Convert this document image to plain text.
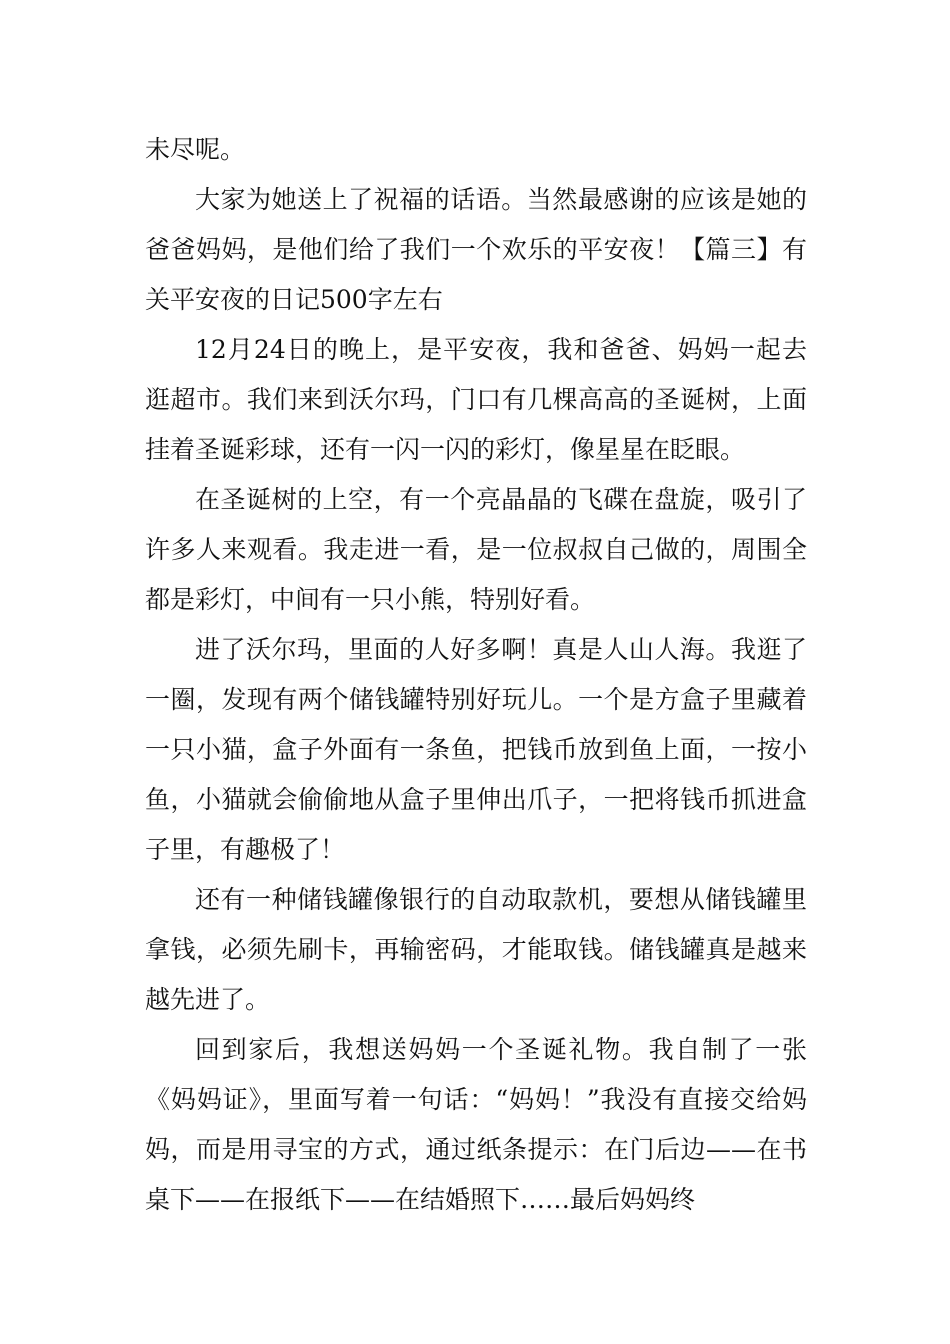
未尽呢。

大家为她送上了祝福的话语。当然最感谢的应该是她的爸爸妈妈，是他们给了我们一个欢乐的平安夜！【篇三】有关平安夜的日记500字左右

12月24日的晚上，是平安夜，我和爸爸、妈妈一起去逛超市。我们来到沃尔玛，门口有几棵高高的圣诞树，上面挂着圣诞彩球，还有一闪一闪的彩灯，像星星在眨眼。

在圣诞树的上空，有一个亮晶晶的飞碟在盘旋，吸引了许多人来观看。我走进一看，是一位叔叔自己做的，周围全都是彩灯，中间有一只小熊，特别好看。

进了沃尔玛，里面的人好多啊！真是人山人海。我逛了一圈，发现有两个储钱罐特别好玩儿。一个是方盒子里藏着一只小猫，盒子外面有一条鱼，把钱币放到鱼上面，一按小鱼，小猫就会偷偷地从盒子里伸出爪子，一把将钱币抓进盒子里，有趣极了！

还有一种储钱罐像银行的自动取款机，要想从储钱罐里拿钱，必须先刷卡，再输密码，才能取钱。储钱罐真是越来越先进了。

回到家后，我想送妈妈一个圣诞礼物。我自制了一张《妈妈证》，里面写着一句话：“妈妈！”我没有直接交给妈妈，而是用寻宝的方式，通过纸条提示：在门后边——在书桌下——在报纸下——在结婚照下……最后妈妈终
